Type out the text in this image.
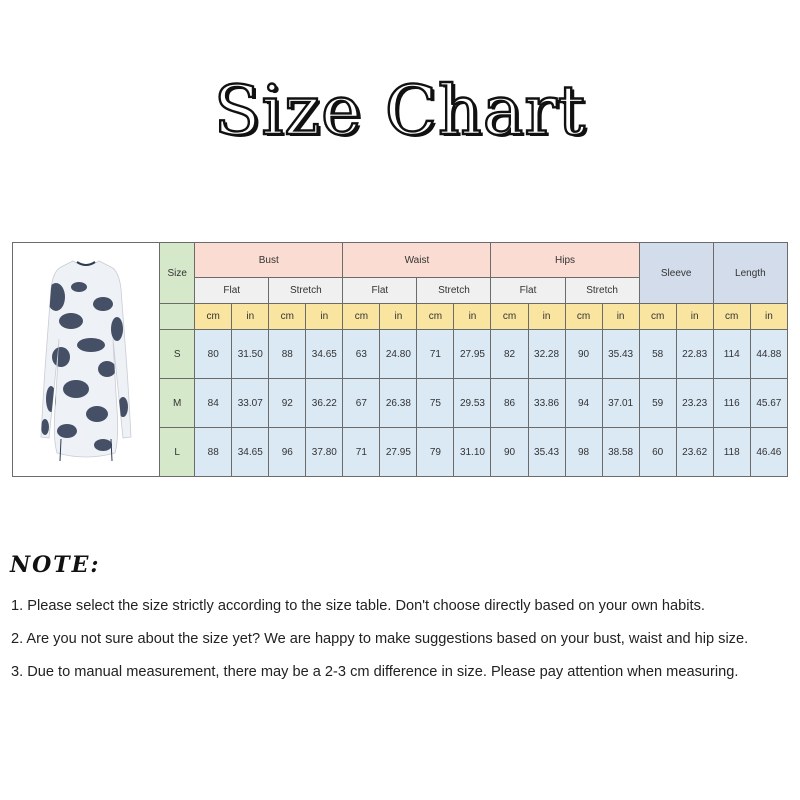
Size Chart
	Size	Bust				Waist				Hips				Sleeve		Length	
		Flat		Stretch		Flat		Stretch		Flat		Stretch					
		cm	in	cm	in	cm	in	cm	in	cm	in	cm	in	cm	in	cm	in
	S	80	31.50	88	34.65	63	24.80	71	27.95	82	32.28	90	35.43	58	22.83	114	44.88
	M	84	33.07	92	36.22	67	26.38	75	29.53	86	33.86	94	37.01	59	23.23	116	45.67
	L	88	34.65	96	37.80	71	27.95	79	31.10	90	35.43	98	38.58	60	23.62	118	46.46
NOTE:
1. Please select the size strictly according to the size table. Don't choose directly based on your own habits.
2. Are you not sure about the size yet? We are happy to make suggestions based on your bust, waist and hip size.
3. Due to manual measurement, there may be a 2-3 cm difference in size. Please pay attention when measuring.
